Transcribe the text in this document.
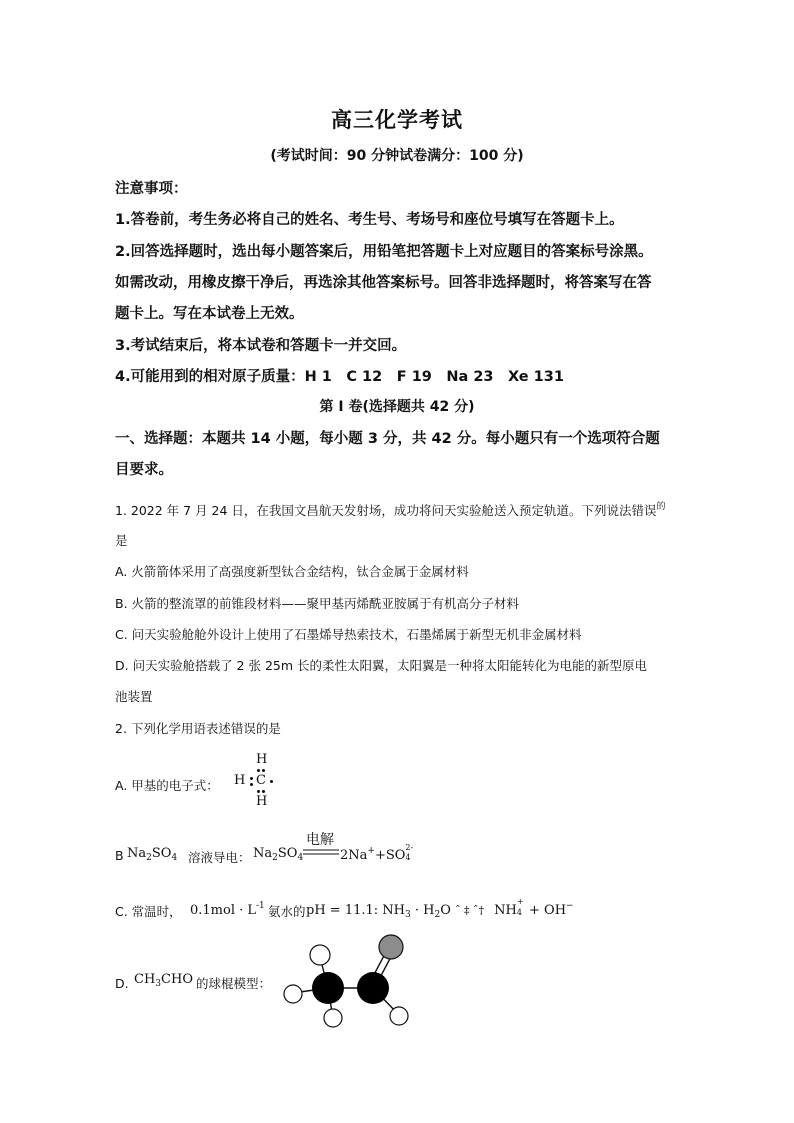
高三化学考试
(考试时间：90 分钟试卷满分：100 分)
注意事项：
1.答卷前，考生务必将自己的姓名、考生号、考场号和座位号填写在答题卡上。
2.回答选择题时，选出每小题答案后，用铅笔把答题卡上对应题目的答案标号涂黑。
如需改动，用橡皮擦干净后，再选涂其他答案标号。回答非选择题时，将答案写在答
题卡上。写在本试卷上无效。
3.考试结束后，将本试卷和答题卡一并交回。
4.可能用到的相对原子质量：H 1　C 12　F 19　Na 23　Xe 131
第 I 卷(选择题共 42 分)
一、选择题：本题共 14 小题，每小题 3 分，共 42 分。每小题只有一个选项符合题
目要求。
1. 2022 年 7 月 24 日，在我国文昌航天发射场，成功将问天实验舱送入预定轨道。下列说法错误$^的$
是
A. 火箭箭体采用了高强度新型钛合金结构，钛合金属于金属材料
B. 火箭的整流罩的前锥段材料——聚甲基丙烯酰亚胺属于有机高分子材料
C. 问天实验舱舱外设计上使用了石墨烯导热索技术，石墨烯属于新型无机非金属材料
D. 问天实验舱搭载了 2 张 25m 长的柔性太阳翼，太阳翼是一种将太阳能转化为电能的新型原电
池装置
2. 下列化学用语表述错误的是
A. 甲基的电子式：
H
H C
H
B $Na_2SO_4$ 溶液导电： $Na_2SO_4$
电解
2Na++SO
2-
4
C. 常温时， $0.1mol \cdot L^{-1}$ 氨水的 pH = 11.1: $NH_3 \cdot H_2O$ ˆ ‡ ˆ† NH
+
4 + OH−
D. $CH_3CHO$ 的球棍模型：
